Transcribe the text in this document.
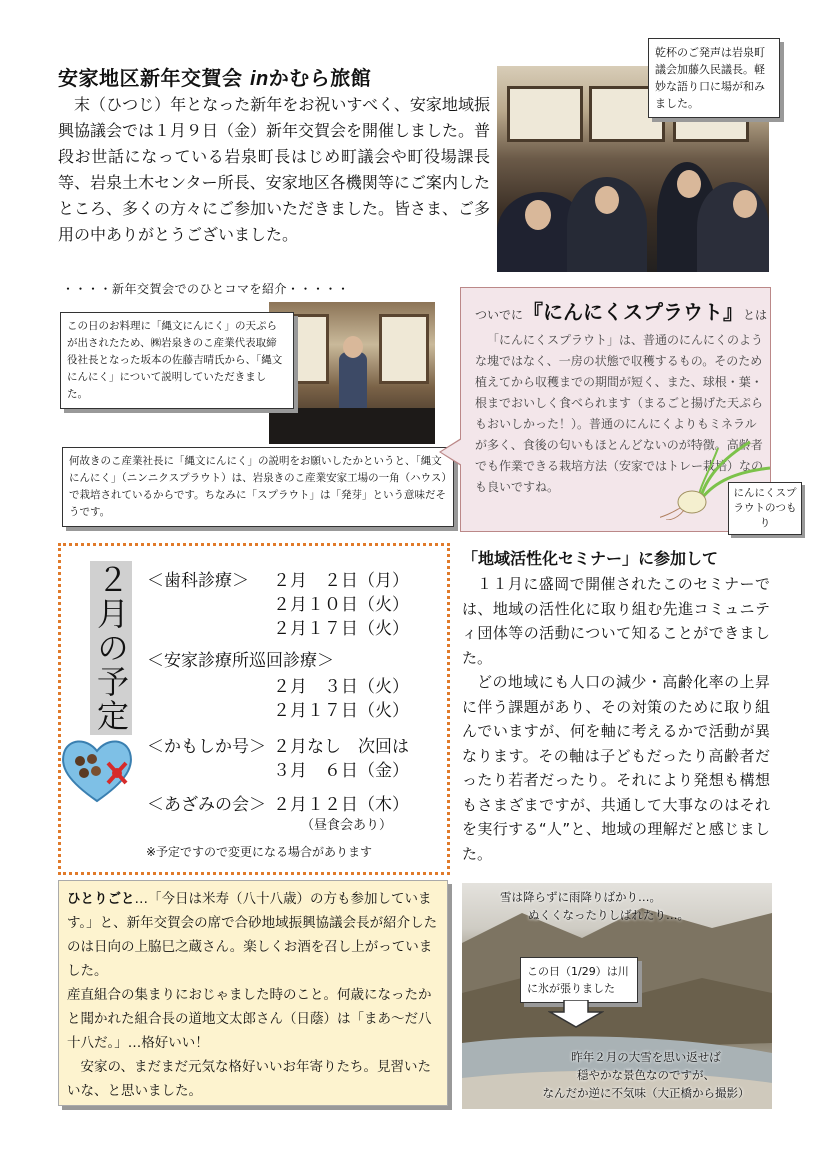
安家地区新年交賀会 inかむら旅館

末（ひつじ）年となった新年をお祝いすべく、安家地域振興協議会では１月９日（金）新年交賀会を開催しました。普段お世話になっている岩泉町長はじめ町議会や町役場課長等、岩泉土木センター所長、安家地区各機関等にご案内したところ、多くの方々にご参加いただきました。皆さま、ご多用の中ありがとうございました。

乾杯のご発声は岩泉町議会加藤久民議長。軽妙な語り口に場が和みました。
・・・・新年交賀会でのひとコマを紹介・・・・・
この日のお料理に「縄文にんにく」の天ぷらが出されたため、㈱岩泉きのこ産業代表取締役社長となった坂本の佐藤吉晴氏から、「縄文にんにく」について説明していただきました。
何故きのこ産業社長に「縄文にんにく」の説明をお願いしたかというと、「縄文にんにく」（ニンニクスプラウト）は、岩泉きのこ産業安家工場の一角（ハウス）で栽培されているからです。ちなみに「スプラウト」は「発芽」という意味だそうです。
ついでに『にんにくスプラウト』とは

「にんにくスプラウト」は、普通のにんにくのような塊ではなく、一房の状態で収穫するもの。そのため植えてから収穫までの期間が短く、また、球根・葉・根までおいしく食べられます（まるごと揚げた天ぷらもおいしかった！）。普通のにんにくよりもミネラルが多く、食後の匂いもほとんどないのが特徴。高齢者でも作業できる栽培方法（安家ではトレー栽培）なのも良いですね。	にんにくスプラウトのつもり
２月の予定 ＜歯科診療＞ ２月　２日（月）
２月１０日（火）
２月１７日（火）
＜安家診療所巡回診療＞
２月　３日（火）
２月１７日（火）
＜かもしか号＞ ２月なし　次回は
３月　６日（金）
＜あざみの会＞ ２月１２日（木）
（昼食会あり）
※予定ですので変更になる場合があります
「地域活性化セミナー」に参加して

１１月に盛岡で開催されたこのセミナーでは、地域の活性化に取り組む先進コミュニティ団体等の活動について知ることができました。

どの地域にも人口の減少・高齢化率の上昇に伴う課題があり、その対策のために取り組んでいますが、何を軸に考えるかで活動が異なります。その軸は子どもだったり高齢者だったり若者だったり。それにより発想も構想もさまざまですが、共通して大事なのはそれを実行する“人”と、地域の理解だと感じました。

ひとりごと…「今日は米寿（八十八歳）の方も参加しています。」と、新年交賀会の席で合砂地域振興協議会長が紹介したのは日向の上脇巳之蔵さん。楽しくお酒を召し上がっていました。

産直組合の集まりにおじゃました時のこと。何歳になったかと聞かれた組合長の道地文太郎さん（日蔭）は「まあ～だ八十八だ。」…格好いい！

安家の、まだまだ元気な格好いいお年寄りたち。見習いたいな、と思いました。

雪は降らずに雨降りばかり…。
ぬくくなったりしばれたり…。
この日（1/29）は川に氷が張りました
昨年２月の大雪を思い返せば
穏やかな景色なのですが、
なんだか逆に不気味（大正橋から撮影）
